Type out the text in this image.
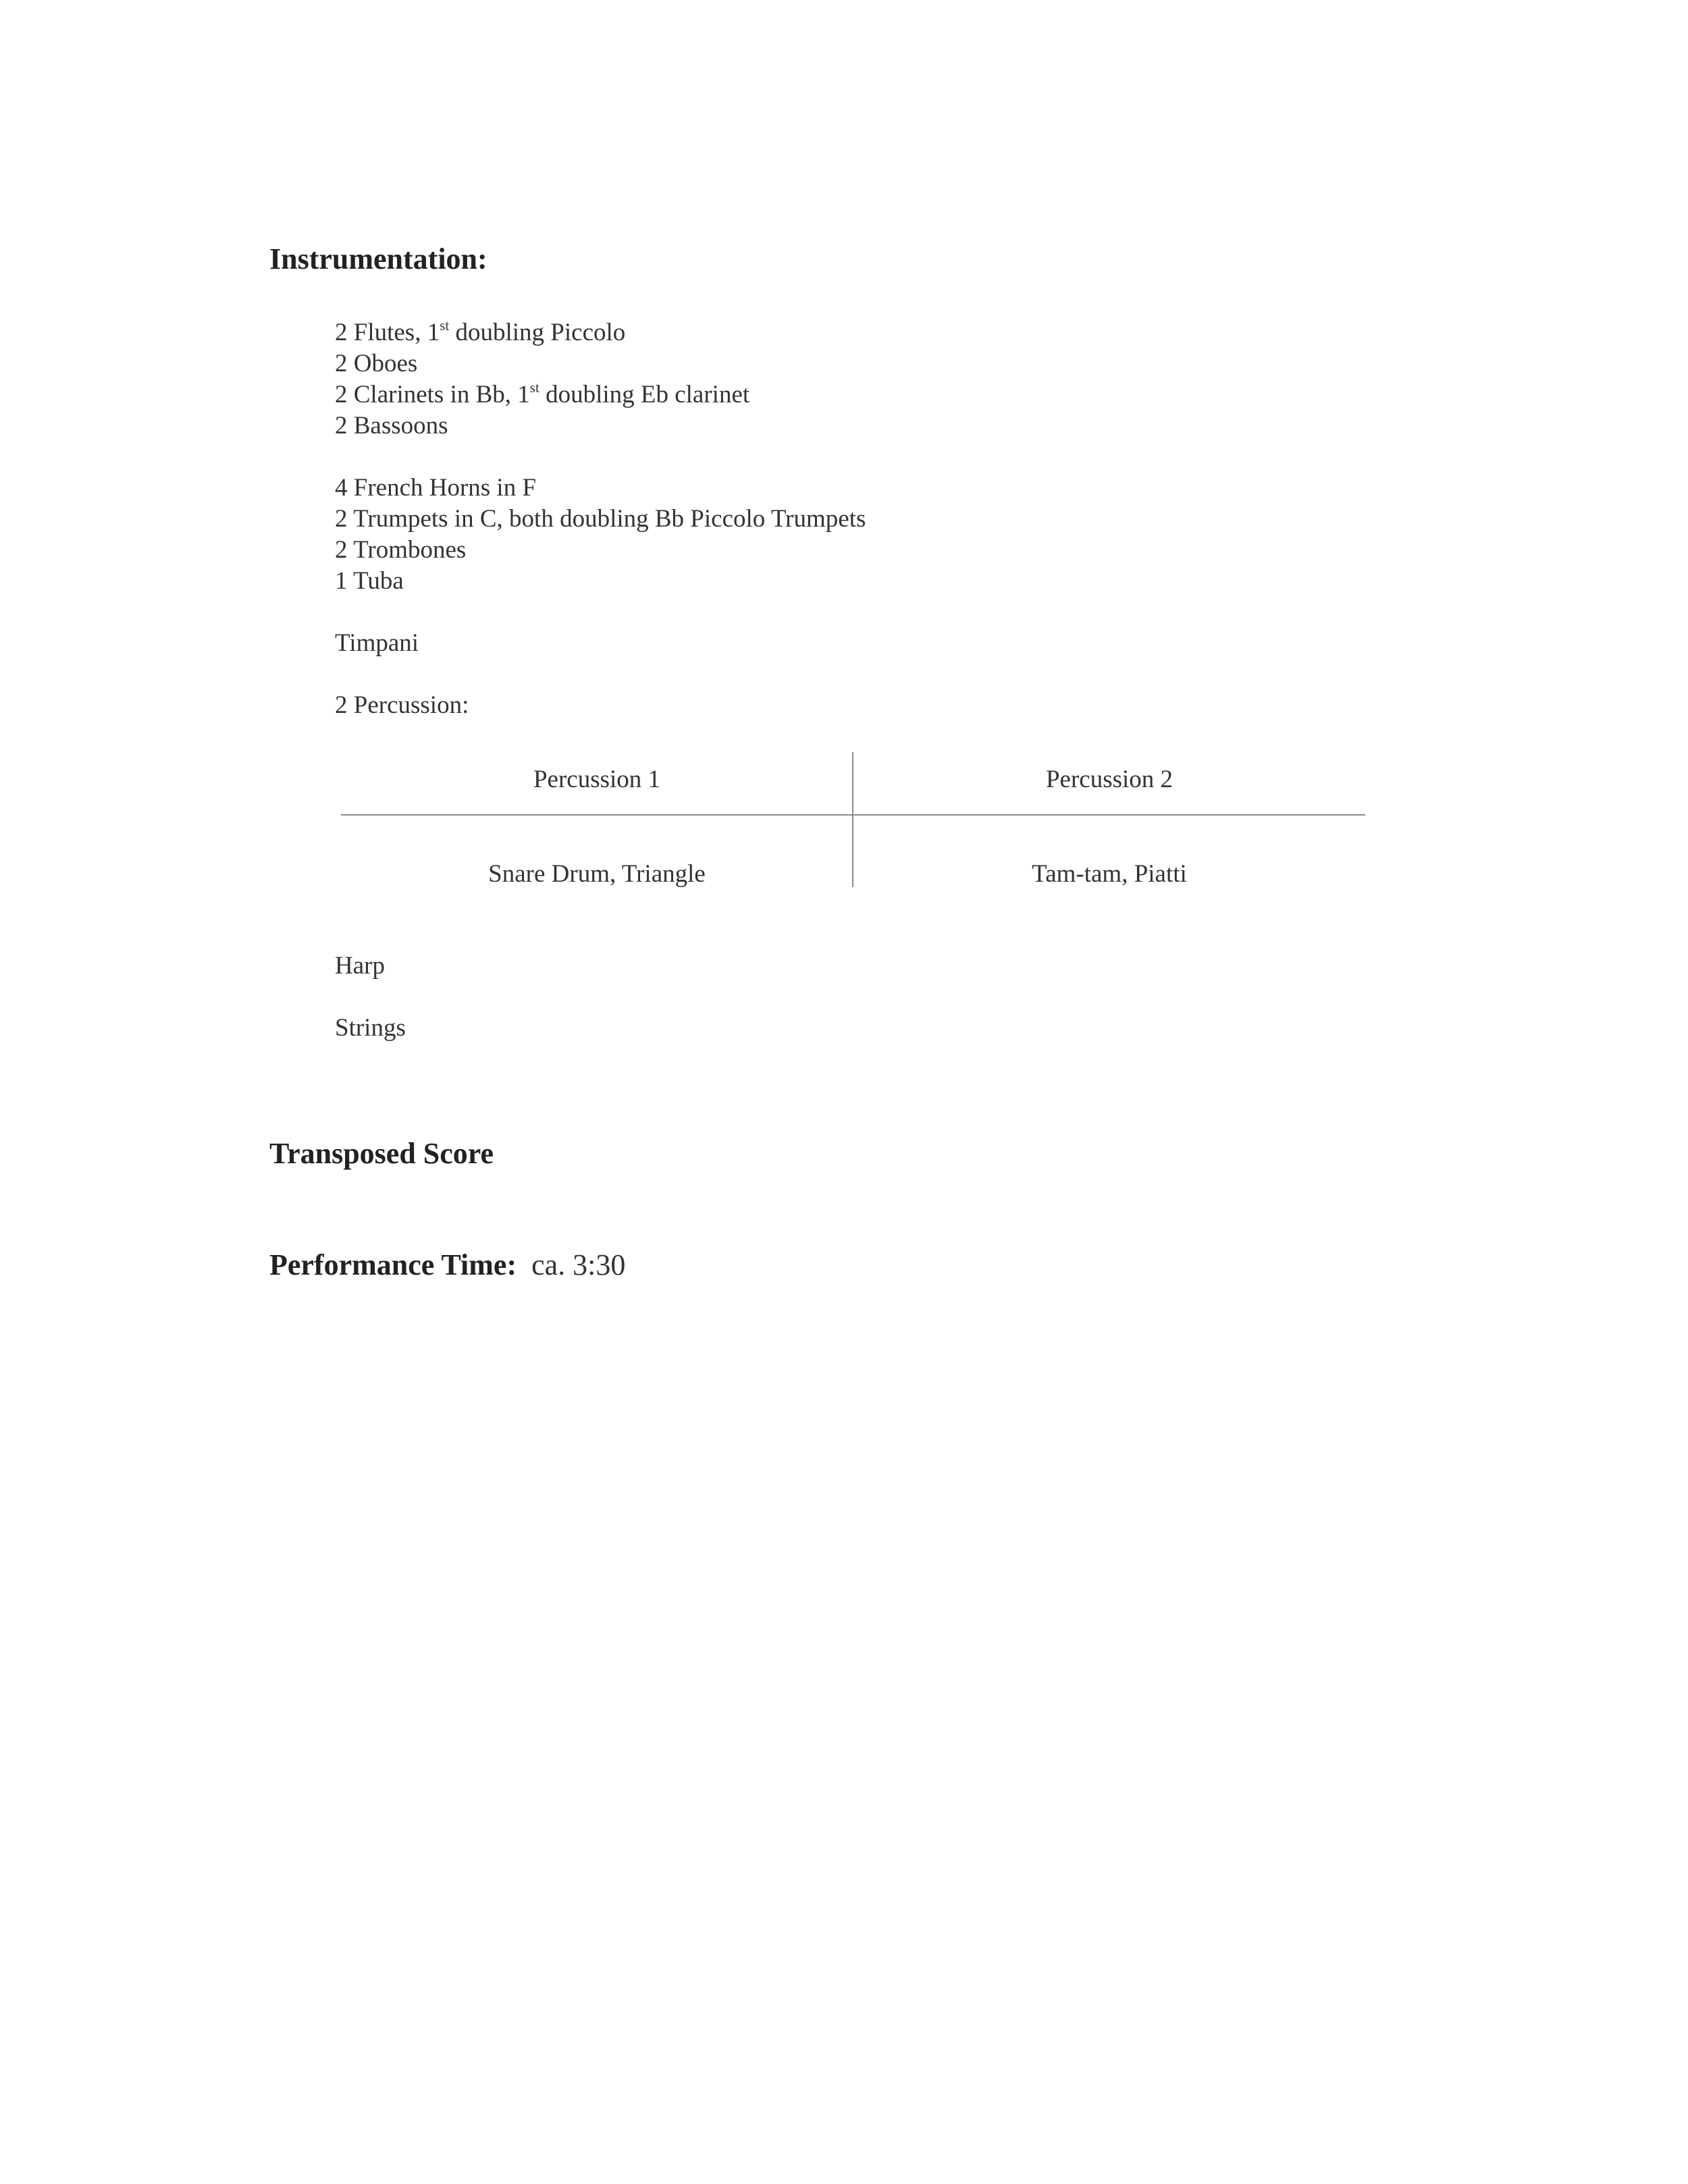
Instrumentation:
2 Flutes, 1st doubling Piccolo
2 Oboes
2 Clarinets in Bb, 1st doubling Eb clarinet
2 Bassoons
4 French Horns in F
2 Trumpets in C, both doubling Bb Piccolo Trumpets
2 Trombones
1 Tuba
Timpani
2 Percussion:
Percussion 1	Percussion 2
Snare Drum, Triangle	Tam-tam, Piatti
Harp
Strings
Transposed Score
Performance Time: ca. 3:30
